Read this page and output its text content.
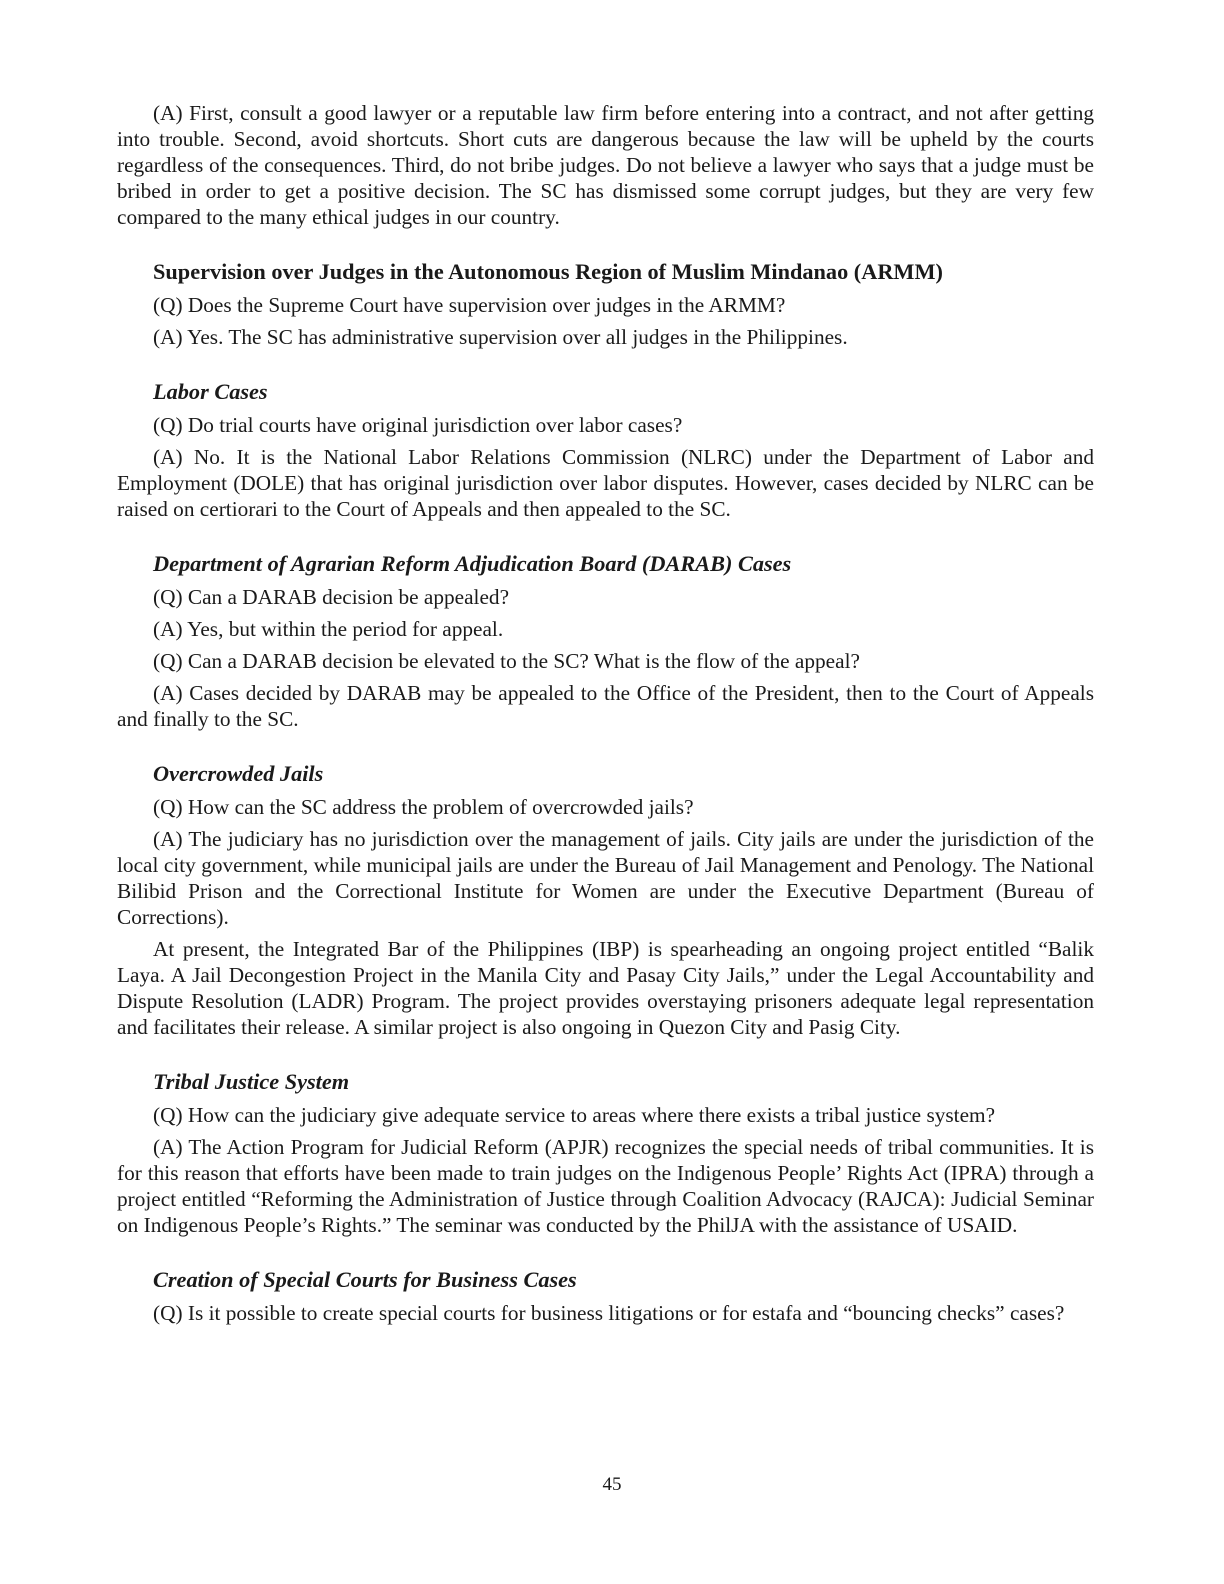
(A) First, consult a good lawyer or a reputable law firm before entering into a contract, and not after getting into trouble. Second, avoid shortcuts. Short cuts are dangerous because the law will be upheld by the courts regardless of the consequences. Third, do not bribe judges. Do not believe a lawyer who says that a judge must be bribed in order to get a positive decision. The SC has dismissed some corrupt judges, but they are very few compared to the many ethical judges in our country.

Supervision over Judges in the Autonomous Region of Muslim Mindanao (ARMM)

(Q) Does the Supreme Court have supervision over judges in the ARMM?

(A) Yes. The SC has administrative supervision over all judges in the Philippines.

Labor Cases

(Q) Do trial courts have original jurisdiction over labor cases?

(A) No. It is the National Labor Relations Commission (NLRC) under the Department of Labor and Employment (DOLE) that has original jurisdiction over labor disputes. However, cases decided by NLRC can be raised on certiorari to the Court of Appeals and then appealed to the SC.

Department of Agrarian Reform Adjudication Board (DARAB) Cases

(Q) Can a DARAB decision be appealed?

(A) Yes, but within the period for appeal.

(Q) Can a DARAB decision be elevated to the SC? What is the flow of the appeal?

(A) Cases decided by DARAB may be appealed to the Office of the President, then to the Court of Appeals and finally to the SC.

Overcrowded Jails

(Q) How can the SC address the problem of overcrowded jails?

(A) The judiciary has no jurisdiction over the management of jails. City jails are under the jurisdiction of the local city government, while municipal jails are under the Bureau of Jail Management and Penology. The National Bilibid Prison and the Correctional Institute for Women are under the Executive Department (Bureau of Corrections).

At present, the Integrated Bar of the Philippines (IBP) is spearheading an ongoing project entitled “Balik Laya. A Jail Decongestion Project in the Manila City and Pasay City Jails,” under the Legal Accountability and Dispute Resolution (LADR) Program. The project provides overstaying prisoners adequate legal representation and facilitates their release. A similar project is also ongoing in Quezon City and Pasig City.

Tribal Justice System

(Q) How can the judiciary give adequate service to areas where there exists a tribal justice system?

(A) The Action Program for Judicial Reform (APJR) recognizes the special needs of tribal communities. It is for this reason that efforts have been made to train judges on the Indigenous People’ Rights Act (IPRA) through a project entitled “Reforming the Administration of Justice through Coalition Advocacy (RAJCA): Judicial Seminar on Indigenous People’s Rights.” The seminar was conducted by the PhilJA with the assistance of USAID.

Creation of Special Courts for Business Cases

(Q) Is it possible to create special courts for business litigations or for estafa and “bouncing checks” cases?

45
